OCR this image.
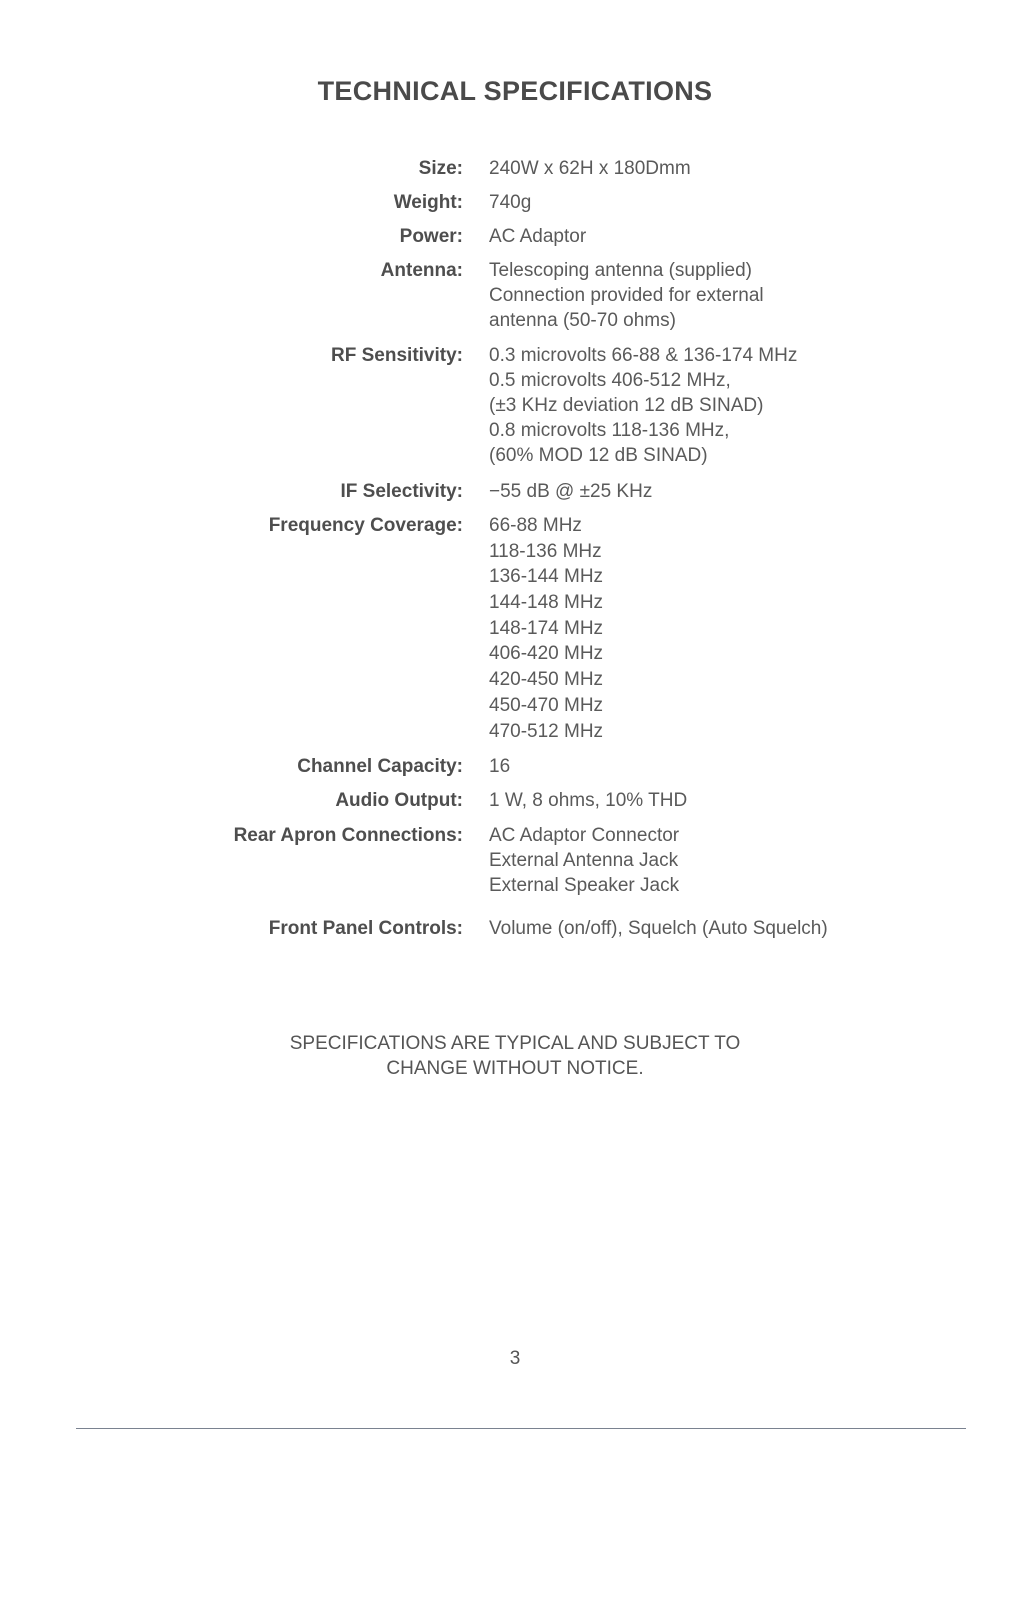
TECHNICAL SPECIFICATIONS
Size: 240W x 62H x 180Dmm
Weight: 740g
Power: AC Adaptor
Antenna: Telescoping antenna (supplied)
Connection provided for external
antenna (50-70 ohms)
RF Sensitivity: 0.3 microvolts 66-88 & 136-174 MHz
0.5 microvolts 406-512 MHz,
(±3 KHz deviation 12 dB SINAD)
0.8 microvolts 118-136 MHz,
(60% MOD 12 dB SINAD)
IF Selectivity: −55 dB @ ±25 KHz
Frequency Coverage: 66-88 MHz
118-136 MHz
136-144 MHz
144-148 MHz
148-174 MHz
406-420 MHz
420-450 MHz
450-470 MHz
470-512 MHz
Channel Capacity: 16
Audio Output: 1 W, 8 ohms, 10% THD
Rear Apron Connections: AC Adaptor Connector
External Antenna Jack
External Speaker Jack
Front Panel Controls: Volume (on/off), Squelch (Auto Squelch)
SPECIFICATIONS ARE TYPICAL AND SUBJECT TO
CHANGE WITHOUT NOTICE.
3
